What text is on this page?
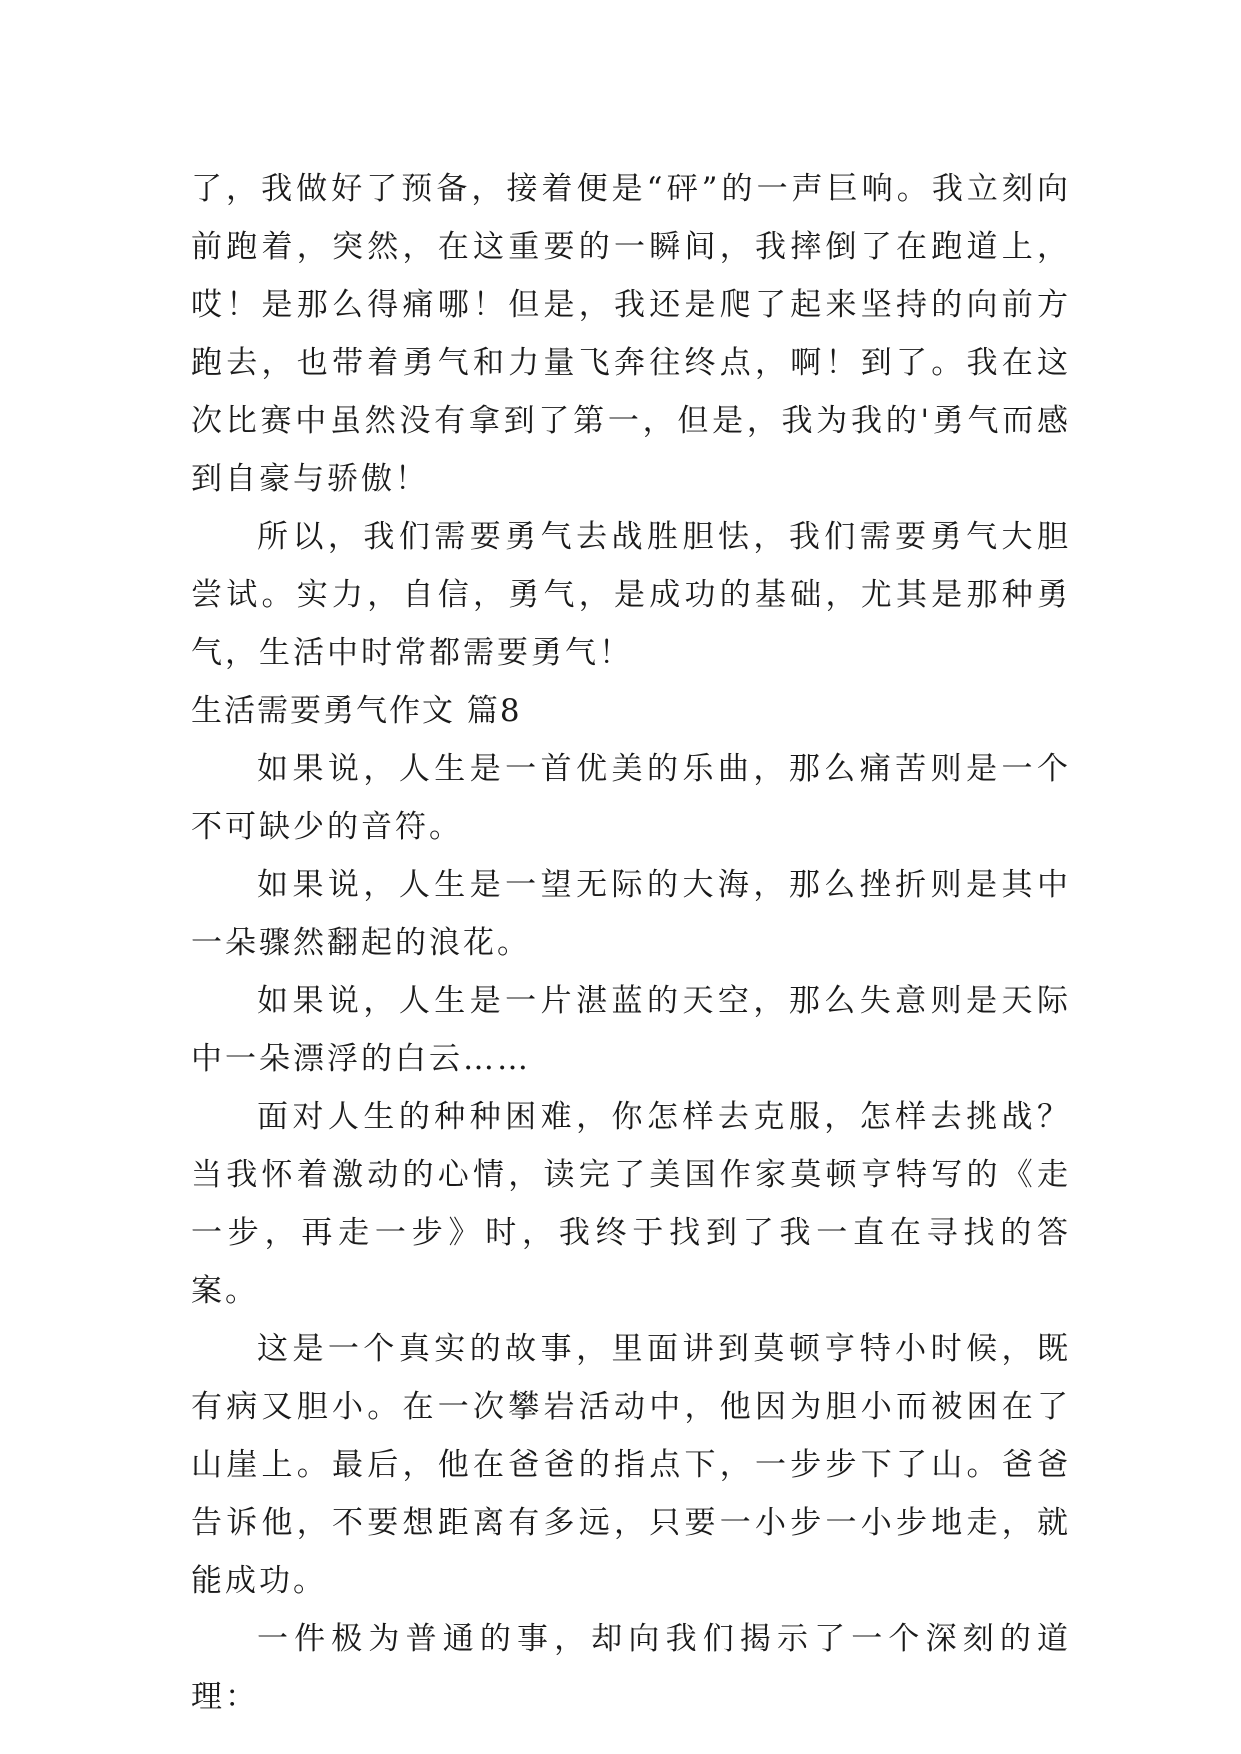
了，我做好了预备，接着便是“砰”的一声巨响。我立刻向前跑着，突然，在这重要的一瞬间，我摔倒了在跑道上，哎！是那么得痛哪！但是，我还是爬了起来坚持的向前方跑去，也带着勇气和力量飞奔往终点，啊！到了。我在这次比赛中虽然没有拿到了第一，但是，我为我的'勇气而感到自豪与骄傲！

所以，我们需要勇气去战胜胆怯，我们需要勇气大胆尝试。实力，自信，勇气，是成功的基础，尤其是那种勇气，生活中时常都需要勇气！

生活需要勇气作文 篇8

如果说，人生是一首优美的乐曲，那么痛苦则是一个不可缺少的音符。

如果说，人生是一望无际的大海，那么挫折则是其中一朵骤然翻起的浪花。

如果说，人生是一片湛蓝的天空，那么失意则是天际中一朵漂浮的白云……

面对人生的种种困难，你怎样去克服，怎样去挑战？当我怀着激动的心情，读完了美国作家莫顿亨特写的《走一步，再走一步》时，我终于找到了我一直在寻找的答案。

这是一个真实的故事，里面讲到莫顿亨特小时候，既有病又胆小。在一次攀岩活动中，他因为胆小而被困在了山崖上。最后，他在爸爸的指点下，一步步下了山。爸爸告诉他，不要想距离有多远，只要一小步一小步地走，就能成功。

一件极为普通的事，却向我们揭示了一个深刻的道理：
